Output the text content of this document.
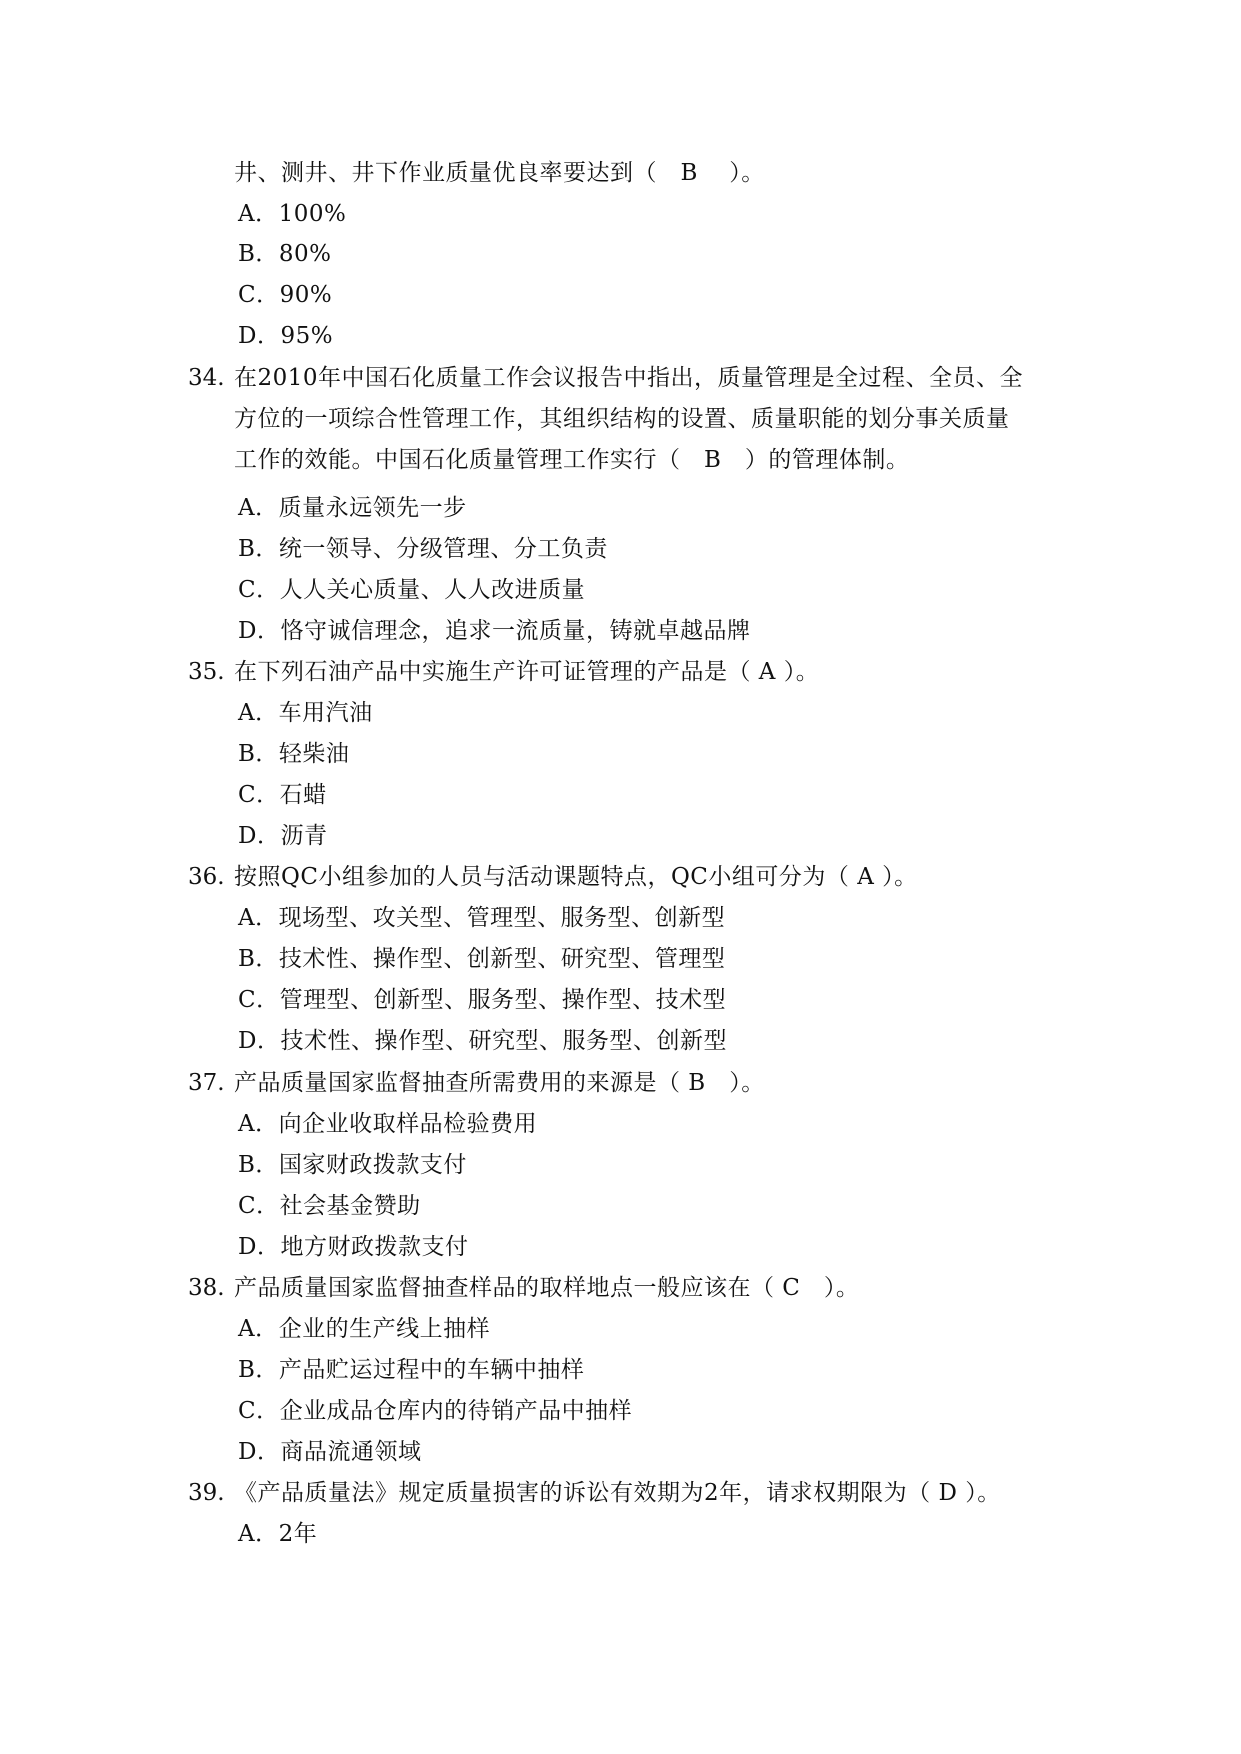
井、测井、井下作业质量优良率要达到（　B　 ）。
A．100%
B．80%
C．90%
D．95%
34. 在2010年中国石化质量工作会议报告中指出，质量管理是全过程、全员、全
方位的一项综合性管理工作，其组织结构的设置、质量职能的划分事关质量
工作的效能。中国石化质量管理工作实行（　B　）的管理体制。
A．质量永远领先一步
B．统一领导、分级管理、分工负责
C．人人关心质量、人人改进质量
D．恪守诚信理念，追求一流质量，铸就卓越品牌
35. 在下列石油产品中实施生产许可证管理的产品是（ A ）。
A．车用汽油
B．轻柴油
C．石蜡
D．沥青
36. 按照QC小组参加的人员与活动课题特点，QC小组可分为（ A ）。
A．现场型、攻关型、管理型、服务型、创新型
B．技术性、操作型、创新型、研究型、管理型
C．管理型、创新型、服务型、操作型、技术型
D．技术性、操作型、研究型、服务型、创新型
37. 产品质量国家监督抽查所需费用的来源是（ B　）。
A．向企业收取样品检验费用
B．国家财政拨款支付
C．社会基金赞助
D．地方财政拨款支付
38. 产品质量国家监督抽查样品的取样地点一般应该在（ C　）。
A．企业的生产线上抽样
B．产品贮运过程中的车辆中抽样
C．企业成品仓库内的待销产品中抽样
D．商品流通领域
39. 《产品质量法》规定质量损害的诉讼有效期为2年，请求权期限为（ D ）。
A．2年
